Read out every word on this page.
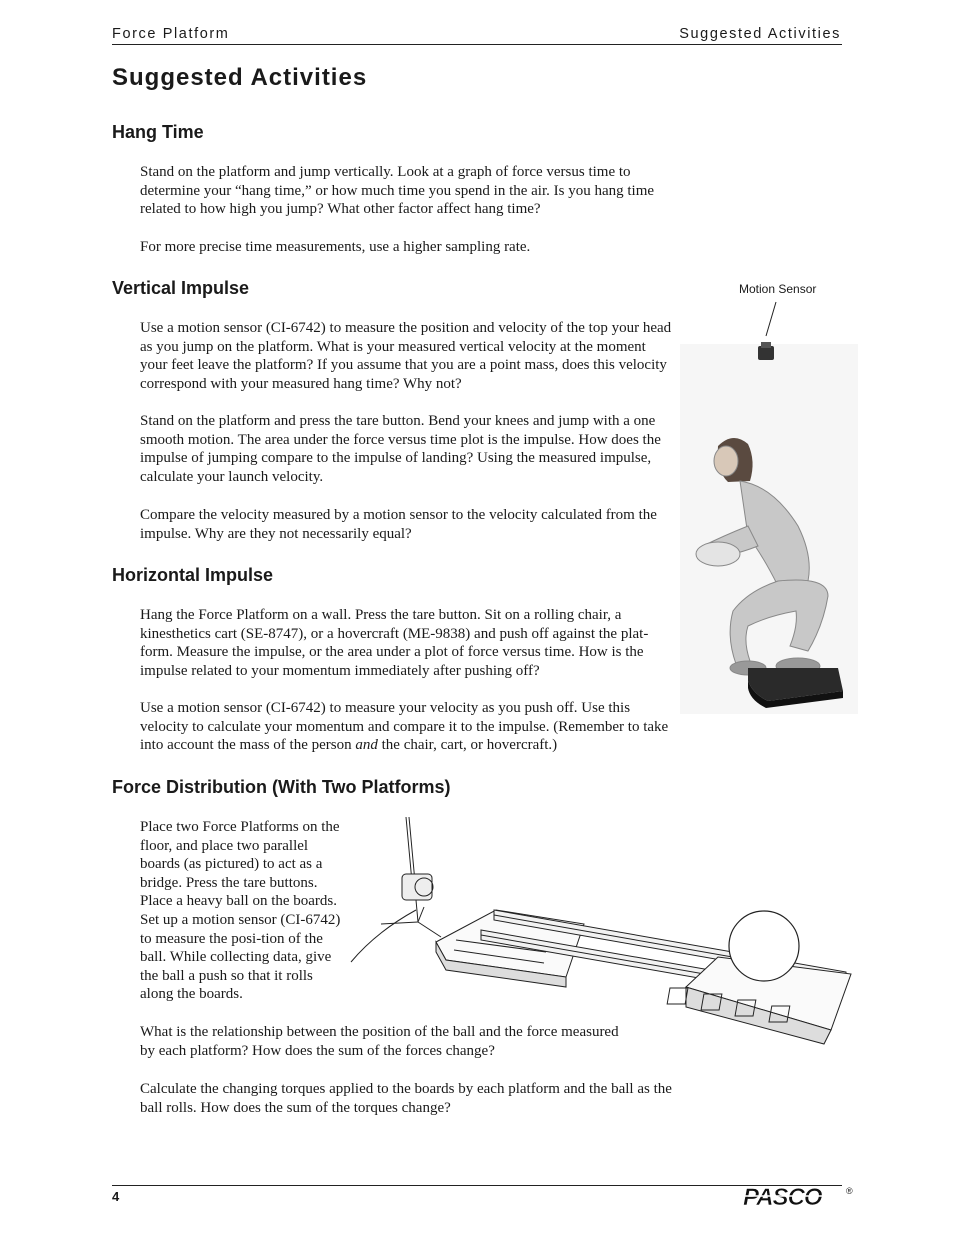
Force Platform	Suggested Activities
Suggested Activities
Hang Time

Stand on the platform and jump vertically. Look at a graph of force versus time to determine your “hang time,” or how much time you spend in the air. Is you hang time related to how high you jump? What other factor affect hang time?

For more precise time measurements, use a higher sampling rate.

Vertical Impulse

Use a motion sensor (CI-6742) to measure the position and velocity of the top your head as you jump on the platform. What is your measured vertical velocity at the moment your feet leave the platform? If you assume that you are a point mass, does this velocity correspond with your measured hang time? Why not?

Stand on the platform and press the tare button. Bend your knees and jump with a one smooth motion. The area under the force versus time plot is the impulse. How does the impulse of jumping compare to the impulse of landing? Using the measured impulse, calculate your launch velocity.

Compare the velocity measured by a motion sensor to the velocity calculated from the impulse. Why are they not necessarily equal?

Horizontal Impulse

Hang the Force Platform on a wall. Press the tare button. Sit on a rolling chair, a kinesthetics cart (SE-8747), or a hovercraft (ME-9838) and push off against the plat-form. Measure the impulse, or the area under a plot of force versus time. How is the impulse related to your momentum immediately after pushing off?

Use a motion sensor (CI-6742) to measure your velocity as you push off. Use this velocity to calculate your momentum and compare it to the impulse. (Remember to take into account the mass of the person and the chair, cart, or hovercraft.)

Force Distribution (With Two Platforms)

Place two Force Platforms on the floor, and place two parallel boards (as pictured) to act as a bridge. Press the tare buttons. Place a heavy ball on the boards. Set up a motion sensor (CI-6742) to measure the posi-tion of the ball. While collecting data, give the ball a push so that it rolls along the boards.

What is the relationship between the position of the ball and the force measured by each platform? How does the sum of the forces change?

Calculate the changing torques applied to the boards by each platform and the ball as the ball rolls. How does the sum of the torques change?

Motion Sensor
4	PASCO	®
